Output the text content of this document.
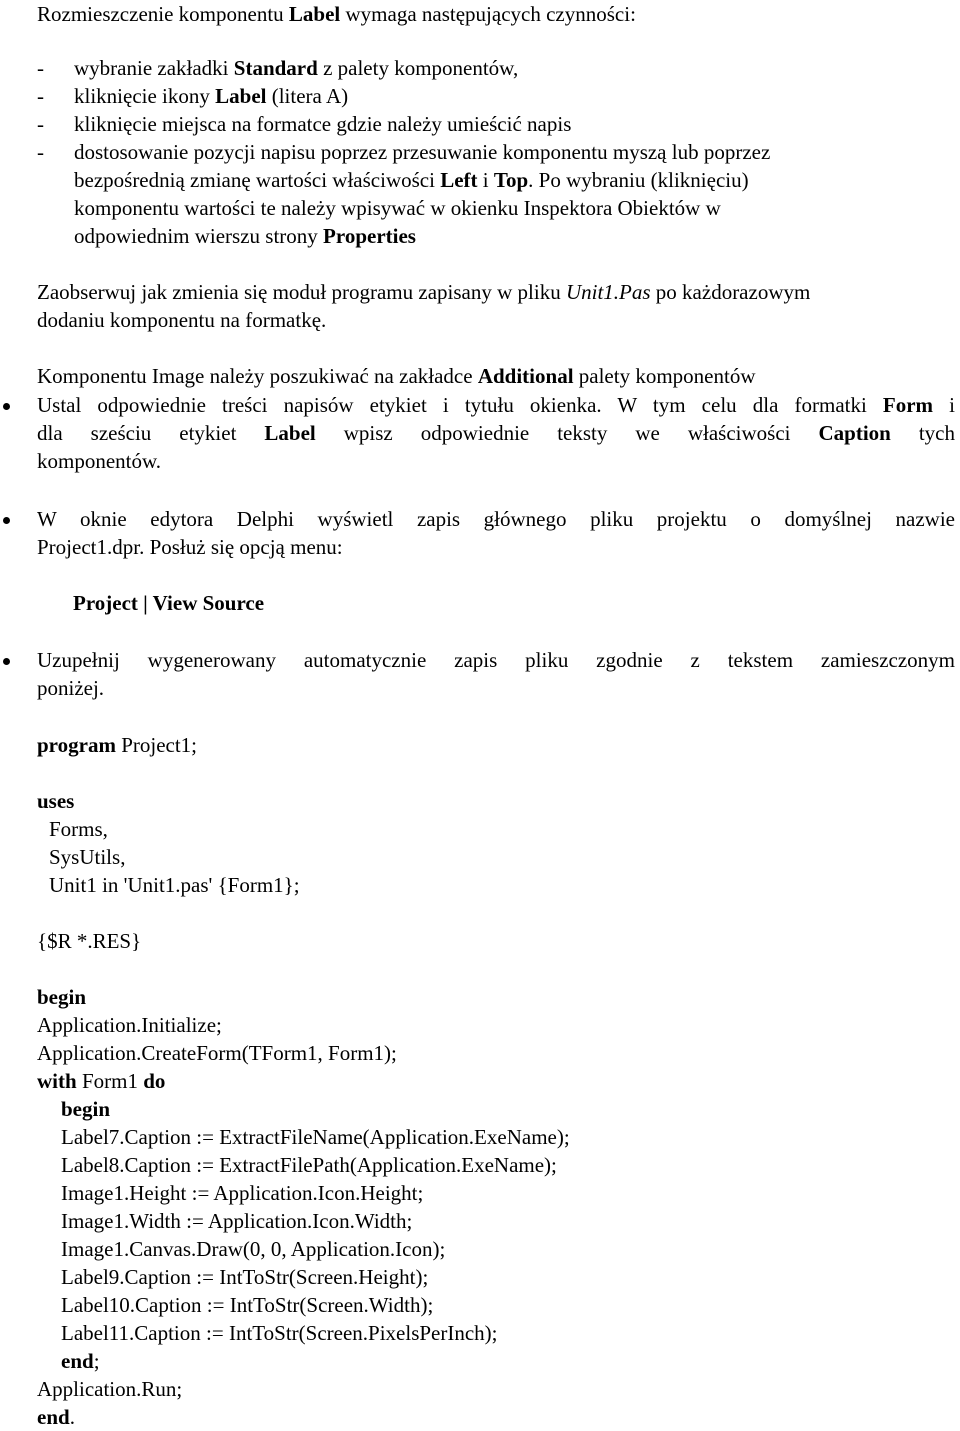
Rozmieszczenie komponentu Label wymaga następujących czynności:
- wybranie zakładki Standard z palety komponentów,
- kliknięcie ikony Label (litera A)
- kliknięcie miejsca na formatce gdzie należy umieścić napis
- dostosowanie pozycji napisu poprzez przesuwanie komponentu myszą lub poprzez
bezpośrednią zmianę wartości właściwości Left i Top. Po wybraniu (kliknięciu)
komponentu wartości te należy wpisywać w okienku Inspektora Obiektów w
odpowiednim wierszu strony Properties
Zaobserwuj jak zmienia się moduł programu zapisany w pliku Unit1.Pas po każdorazowym
dodaniu komponentu na formatkę.
Komponentu Image należy poszukiwać na zakładce Additional palety komponentów
Ustal odpowiednie treści napisów etykiet i tytułu okienka. W tym celu dla formatki Form i
dla sześciu etykiet Label wpisz odpowiednie teksty we właściwości Caption tych
komponentów.
W oknie edytora Delphi wyświetl zapis głównego pliku projektu o domyślnej nazwie
Project1.dpr. Posłuż się opcją menu:
Project | View Source
Uzupełnij wygenerowany automatycznie zapis pliku zgodnie z tekstem zamieszczonym
poniżej.
program Project1;
uses
Forms,
SysUtils,
Unit1 in 'Unit1.pas' {Form1};
{$R *.RES}
begin
Application.Initialize;
Application.CreateForm(TForm1, Form1);
with Form1 do
begin
Label7.Caption := ExtractFileName(Application.ExeName);
Label8.Caption := ExtractFilePath(Application.ExeName);
Image1.Height := Application.Icon.Height;
Image1.Width := Application.Icon.Width;
Image1.Canvas.Draw(0, 0, Application.Icon);
Label9.Caption := IntToStr(Screen.Height);
Label10.Caption := IntToStr(Screen.Width);
Label11.Caption := IntToStr(Screen.PixelsPerInch);
end;
Application.Run;
end.
